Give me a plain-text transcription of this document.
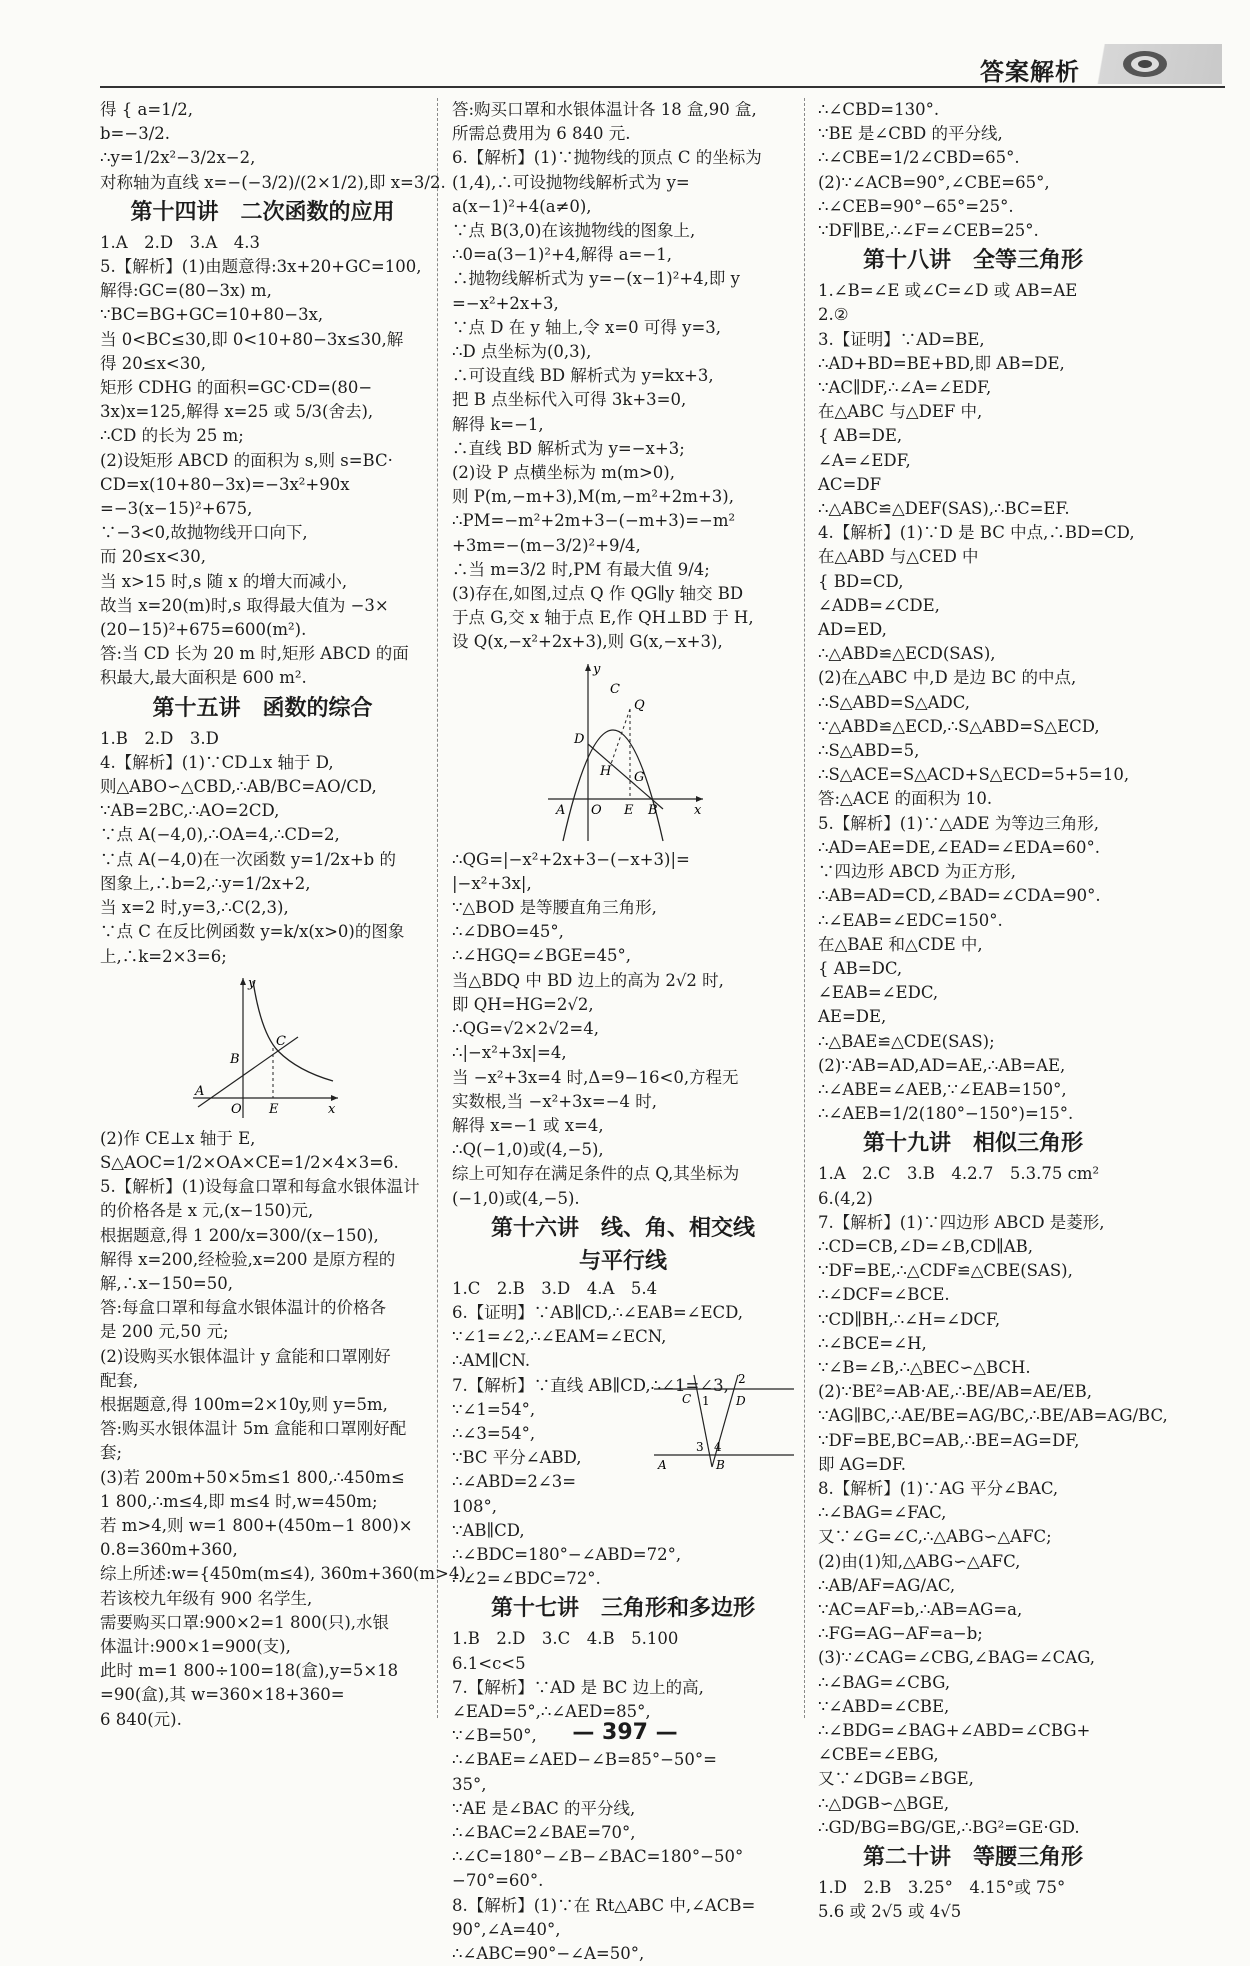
答案解析
得 { a=1/2,
b=−3/2.
∴y=1/2x²−3/2x−2,
对称轴为直线 x=−(−3/2)/(2×1/2),即 x=3/2.
第十四讲　二次函数的应用
1.A　2.D　3.A　4.3
5.【解析】(1)由题意得:3x+20+GC=100,
解得:GC=(80−3x) m,
∵BC=BG+GC=10+80−3x,
当 0<BC≤30,即 0<10+80−3x≤30,解
得 20≤x<30,
矩形 CDHG 的面积=GC·CD=(80−
3x)x=125,解得 x=25 或 5/3(舍去),
∴CD 的长为 25 m;
(2)设矩形 ABCD 的面积为 s,则 s=BC·
CD=x(10+80−3x)=−3x²+90x
=−3(x−15)²+675,
∵−3<0,故抛物线开口向下,
而 20≤x<30,
当 x>15 时,s 随 x 的增大而减小,
故当 x=20(m)时,s 取得最大值为 −3×
(20−15)²+675=600(m²).
答:当 CD 长为 20 m 时,矩形 ABCD 的面
积最大,最大面积是 600 m².
第十五讲　函数的综合
1.B　2.D　3.D
4.【解析】(1)∵CD⊥x 轴于 D,
则△ABO∽△CBD,∴AB/BC=AO/CD,
∵AB=2BC,∴AO=2CD,
∵点 A(−4,0),∴OA=4,∴CD=2,
∵点 A(−4,0)在一次函数 y=1/2x+b 的
图象上,∴b=2,∴y=1/2x+2,
当 x=2 时,y=3,∴C(2,3),
∵点 C 在反比例函数 y=k/x(x>0)的图象
上,∴k=2×3=6;
y
C
B
A
O E	x
(2)作 CE⊥x 轴于 E,
S△AOC=1/2×OA×CE=1/2×4×3=6.
5.【解析】(1)设每盒口罩和每盒水银体温计
的价格各是 x 元,(x−150)元,
根据题意,得 1 200/x=300/(x−150),
解得 x=200,经检验,x=200 是原方程的
解,∴x−150=50,
答:每盒口罩和每盒水银体温计的价格各
是 200 元,50 元;
(2)设购买水银体温计 y 盒能和口罩刚好
配套,
根据题意,得 100m=2×10y,则 y=5m,
答:购买水银体温计 5m 盒能和口罩刚好配
套;
(3)若 200m+50×5m≤1 800,∴450m≤
1 800,∴m≤4,即 m≤4 时,w=450m;
若 m>4,则 w=1 800+(450m−1 800)×
0.8=360m+360,
综上所述:w={450m(m≤4), 360m+360(m>4).
若该校九年级有 900 名学生,
需要购买口罩:900×2=1 800(只),水银
体温计:900×1=900(支),
此时 m=1 800÷100=18(盒),y=5×18
=90(盒),其 w=360×18+360=
6 840(元).
答:购买口罩和水银体温计各 18 盒,90 盒,
所需总费用为 6 840 元.
6.【解析】(1)∵抛物线的顶点 C 的坐标为
(1,4),∴可设抛物线解析式为 y=
a(x−1)²+4(a≠0),
∵点 B(3,0)在该抛物线的图象上,
∴0=a(3−1)²+4,解得 a=−1,
∴抛物线解析式为 y=−(x−1)²+4,即 y
=−x²+2x+3,
∵点 D 在 y 轴上,令 x=0 可得 y=3,
∴D 点坐标为(0,3),
∴可设直线 BD 解析式为 y=kx+3,
把 B 点坐标代入可得 3k+3=0,
解得 k=−1,
∴直线 BD 解析式为 y=−x+3;
(2)设 P 点横坐标为 m(m>0),
则 P(m,−m+3),M(m,−m²+2m+3),
∴PM=−m²+2m+3−(−m+3)=−m²
+3m=−(m−3/2)²+9/4,
∴当 m=3/2 时,PM 有最大值 9/4;
(3)存在,如图,过点 Q 作 QG∥y 轴交 BD
于点 G,交 x 轴于点 E,作 QH⊥BD 于 H,
设 Q(x,−x²+2x+3),则 G(x,−x+3),
y
C
Q
D
H G
A O E B	x
∴QG=|−x²+2x+3−(−x+3)|=
|−x²+3x|,
∵△BOD 是等腰直角三角形,
∴∠DBO=45°,
∴∠HGQ=∠BGE=45°,
当△BDQ 中 BD 边上的高为 2√2 时,
即 QH=HG=2√2,
∴QG=√2×2√2=4,
∴|−x²+3x|=4,
当 −x²+3x=4 时,Δ=9−16<0,方程无
实数根,当 −x²+3x=−4 时,
解得 x=−1 或 x=4,
∴Q(−1,0)或(4,−5),
综上可知存在满足条件的点 Q,其坐标为
(−1,0)或(4,−5).
第十六讲　线、角、相交线
与平行线
1.C　2.B　3.D　4.A　5.4
6.【证明】∵AB∥CD,∴∠EAB=∠ECD,
∵∠1=∠2,∴∠EAM=∠ECN,
∴AM∥CN.
7.【解析】∵直线 AB∥CD,∴∠1=∠3,
∵∠1=54°,
∴∠3=54°,
∵BC 平分∠ABD,
∴∠ABD=2∠3=
108°,
∵AB∥CD,
∴∠BDC=180°−∠ABD=72°,
∴∠2=∠BDC=72°.
C
2
D
1
3 4
A	B
第十七讲　三角形和多边形
1.B　2.D　3.C　4.B　5.100
6.1<c<5
7.【解析】∵AD 是 BC 边上的高,
∠EAD=5°,∴∠AED=85°,
∵∠B=50°,
∴∠BAE=∠AED−∠B=85°−50°=
35°,
∵AE 是∠BAC 的平分线,
∴∠BAC=2∠BAE=70°,
∴∠C=180°−∠B−∠BAC=180°−50°
−70°=60°.
8.【解析】(1)∵在 Rt△ABC 中,∠ACB=
90°,∠A=40°,
∴∠ABC=90°−∠A=50°,
∴∠CBD=130°.
∵BE 是∠CBD 的平分线,
∴∠CBE=1/2∠CBD=65°.
(2)∵∠ACB=90°,∠CBE=65°,
∴∠CEB=90°−65°=25°.
∵DF∥BE,∴∠F=∠CEB=25°.
第十八讲　全等三角形
1.∠B=∠E 或∠C=∠D 或 AB=AE
2.②
3.【证明】∵AD=BE,
∴AD+BD=BE+BD,即 AB=DE,
∵AC∥DF,∴∠A=∠EDF,
在△ABC 与△DEF 中,
{ AB=DE,
∠A=∠EDF,
AC=DF
∴△ABC≌△DEF(SAS),∴BC=EF.
4.【解析】(1)∵D 是 BC 中点,∴BD=CD,
在△ABD 与△CED 中
{ BD=CD,
∠ADB=∠CDE,
AD=ED,
∴△ABD≌△ECD(SAS),
(2)在△ABC 中,D 是边 BC 的中点,
∴S△ABD=S△ADC,
∵△ABD≌△ECD,∴S△ABD=S△ECD,
∴S△ABD=5,
∴S△ACE=S△ACD+S△ECD=5+5=10,
答:△ACE 的面积为 10.
5.【解析】(1)∵△ADE 为等边三角形,
∴AD=AE=DE,∠EAD=∠EDA=60°.
∵四边形 ABCD 为正方形,
∴AB=AD=CD,∠BAD=∠CDA=90°.
∴∠EAB=∠EDC=150°.
在△BAE 和△CDE 中,
{ AB=DC,
∠EAB=∠EDC,
AE=DE,
∴△BAE≌△CDE(SAS);
(2)∵AB=AD,AD=AE,∴AB=AE,
∴∠ABE=∠AEB,∵∠EAB=150°,
∴∠AEB=1/2(180°−150°)=15°.
第十九讲　相似三角形
1.A　2.C　3.B　4.2.7　5.3.75 cm²
6.(4,2)
7.【解析】(1)∵四边形 ABCD 是菱形,
∴CD=CB,∠D=∠B,CD∥AB,
∵DF=BE,∴△CDF≌△CBE(SAS),
∴∠DCF=∠BCE.
∵CD∥BH,∴∠H=∠DCF,
∴∠BCE=∠H,
∵∠B=∠B,∴△BEC∽△BCH.
(2)∵BE²=AB·AE,∴BE/AB=AE/EB,
∵AG∥BC,∴AE/BE=AG/BC,∴BE/AB=AG/BC,
∵DF=BE,BC=AB,∴BE=AG=DF,
即 AG=DF.
8.【解析】(1)∵AG 平分∠BAC,
∴∠BAG=∠FAC,
又∵∠G=∠C,∴△ABG∽△AFC;
(2)由(1)知,△ABG∽△AFC,
∴AB/AF=AG/AC,
∵AC=AF=b,∴AB=AG=a,
∴FG=AG−AF=a−b;
(3)∵∠CAG=∠CBG,∠BAG=∠CAG,
∴∠BAG=∠CBG,
∵∠ABD=∠CBE,
∴∠BDG=∠BAG+∠ABD=∠CBG+
∠CBE=∠EBG,
又∵∠DGB=∠BGE,
∴△DGB∽△BGE,
∴GD/BG=BG/GE,∴BG²=GE·GD.
第二十讲　等腰三角形
1.D　2.B　3.25°　4.15°或 75°
5.6 或 2√5 或 4√5
— 397 —
